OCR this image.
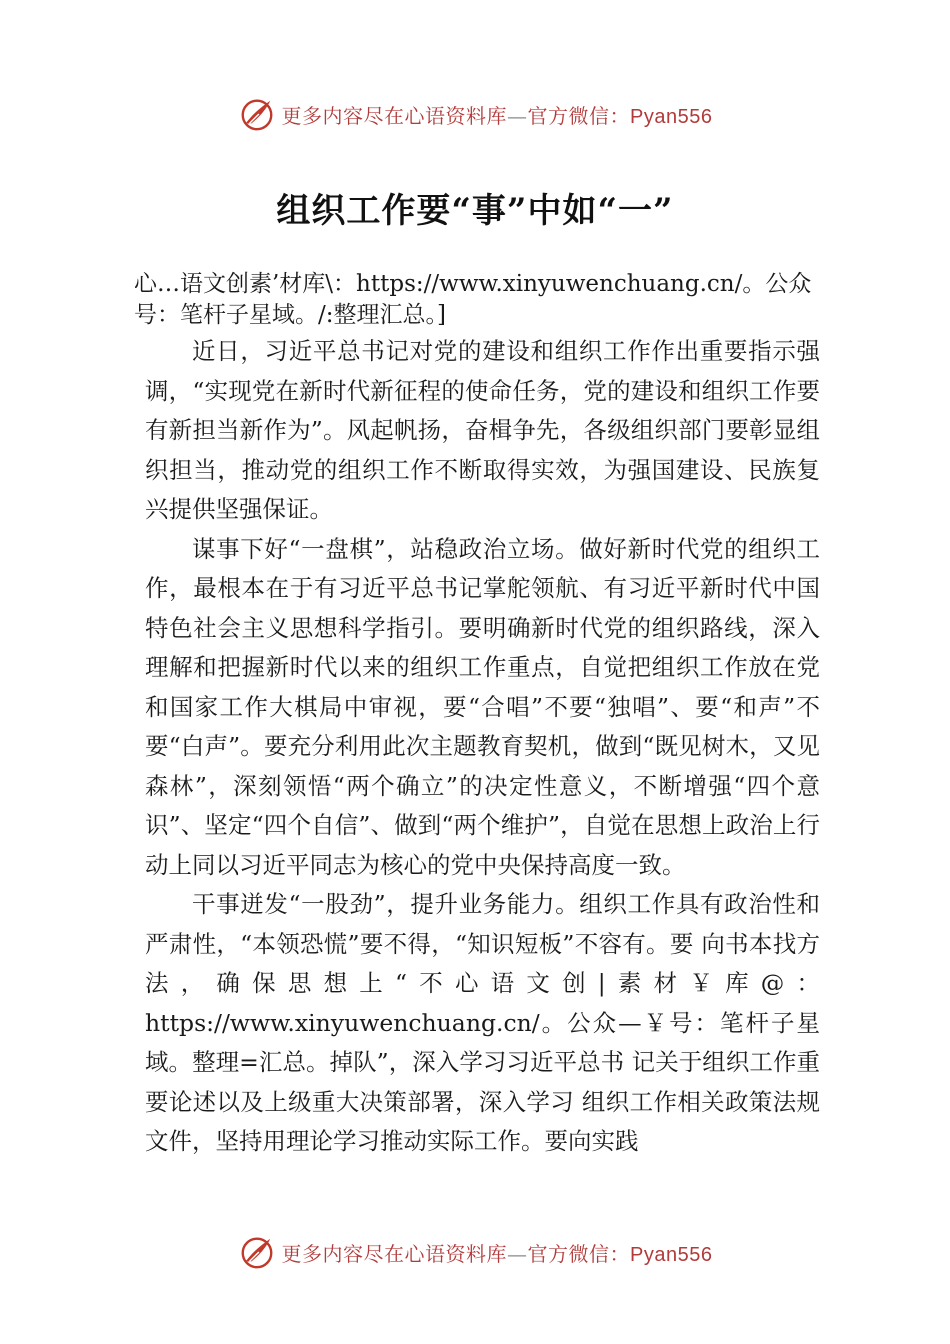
更多内容尽在心语资料库—官方微信：Pyan556
组织工作要“事”中如“一”
心…语文创素’材库\：https://www.xinyuwenchuang.cn/。公众号：笔杆子星域。/:整理汇总。]

近日，习近平总书记对党的建设和组织工作作出重要指示强调，“实现党在新时代新征程的使命任务，党的建设和组织工作要有新担当新作为”。风起帆扬，奋楫争先，各级组织部门要彰显组织担当，推动党的组织工作不断取得实效，为强国建设、民族复兴提供坚强保证。

谋事下好“一盘棋”，站稳政治立场。做好新时代党的组织工作，最根本在于有习近平总书记掌舵领航、有习近平新时代中国特色社会主义思想科学指引。要明确新时代党的组织路线，深入理解和把握新时代以来的组织工作重点，自觉把组织工作放在党和国家工作大棋局中审视，要“合唱”不要“独唱”、要“和声”不要“白声”。要充分利用此次主题教育契机，做到“既见树木，又见森林”，深刻领悟“两个确立”的决定性意义，不断增强“四个意识”、坚定“四个自信”、做到“两个维护”，自觉在思想上政治上行动上同以习近平同志为核心的党中央保持高度一致。

干事迸发“一股劲”，提升业务能力。组织工作具有政治性和严肃性，“本领恐慌”要不得，“知识短板”不容有。要 向书本找方法，确保思想上“不心语文创|素材￥库@：https://www.xinyuwenchuang.cn/。公众—￥号：笔杆子星域。整理=汇总。掉队”，深入学习习近平总书 记关于组织工作重要论述以及上级重大决策部署，深入学习 组织工作相关政策法规文件，坚持用理论学习推动实际工作。要向实践

更多内容尽在心语资料库—官方微信：Pyan556
